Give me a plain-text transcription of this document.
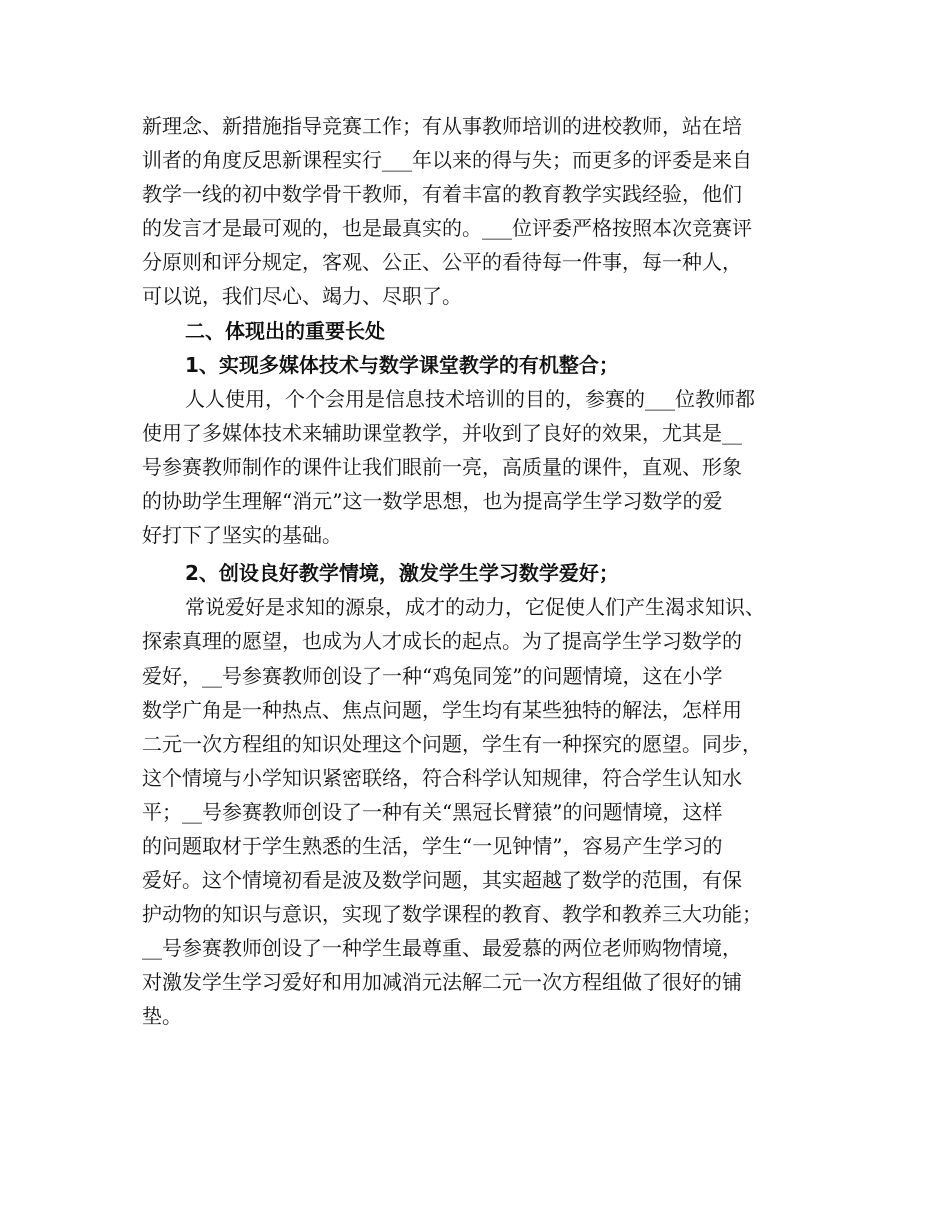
新理念、新措施指导竞赛工作；有从事教师培训的进校教师，站在培
训者的角度反思新课程实行___年以来的得与失；而更多的评委是来自
教学一线的初中数学骨干教师，有着丰富的教育教学实践经验，他们
的发言才是最可观的，也是最真实的。___位评委严格按照本次竞赛评
分原则和评分规定，客观、公正、公平的看待每一件事，每一种人，
可以说，我们尽心、竭力、尽职了。
二、体现出的重要长处
1、实现多媒体技术与数学课堂教学的有机整合；
人人使用，个个会用是信息技术培训的目的，参赛的___位教师都
使用了多媒体技术来辅助课堂教学，并收到了良好的效果，尤其是__
号参赛教师制作的课件让我们眼前一亮，高质量的课件，直观、形象
的协助学生理解“消元”这一数学思想，也为提高学生学习数学的爱
好打下了坚实的基础。
2、创设良好教学情境，激发学生学习数学爱好；
常说爱好是求知的源泉，成才的动力，它促使人们产生渴求知识、
探索真理的愿望，也成为人才成长的起点。为了提高学生学习数学的
爱好，__号参赛教师创设了一种“鸡兔同笼”的问题情境，这在小学
数学广角是一种热点、焦点问题，学生均有某些独特的解法，怎样用
二元一次方程组的知识处理这个问题，学生有一种探究的愿望。同步，
这个情境与小学知识紧密联络，符合科学认知规律，符合学生认知水
平；__号参赛教师创设了一种有关“黑冠长臂猿”的问题情境，这样
的问题取材于学生熟悉的生活，学生“一见钟情”，容易产生学习的
爱好。这个情境初看是波及数学问题，其实超越了数学的范围，有保
护动物的知识与意识，实现了数学课程的教育、教学和教养三大功能；
__号参赛教师创设了一种学生最尊重、最爱慕的两位老师购物情境，
对激发学生学习爱好和用加减消元法解二元一次方程组做了很好的铺
垫。
